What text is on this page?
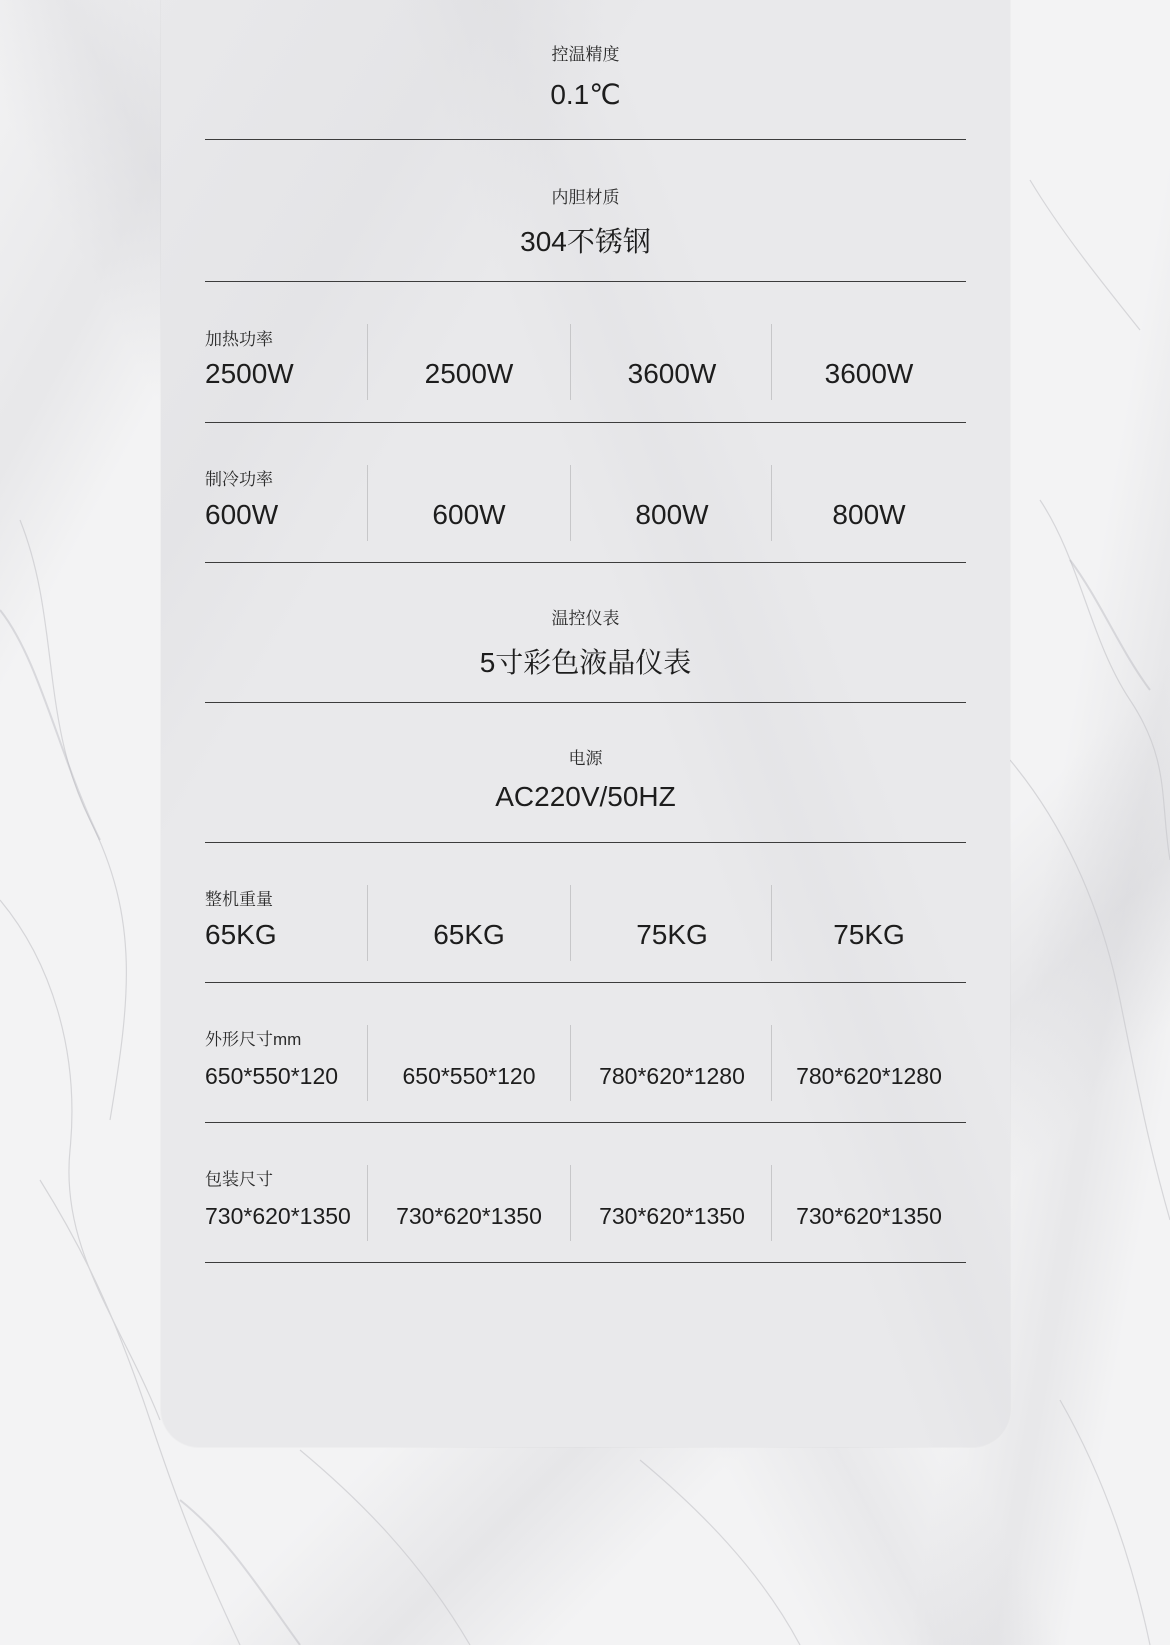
控温精度
0.1℃
内胆材质
304不锈钢
加热功率
2500W	2500W	3600W	3600W
制冷功率
600W	600W	800W	800W
温控仪表
5寸彩色液晶仪表
电源
AC220V/50HZ
整机重量
65KG	65KG	75KG	75KG
外形尺寸mm
650*550*120	650*550*120	780*620*1280	780*620*1280
包装尺寸
730*620*1350	730*620*1350	730*620*1350	730*620*1350
